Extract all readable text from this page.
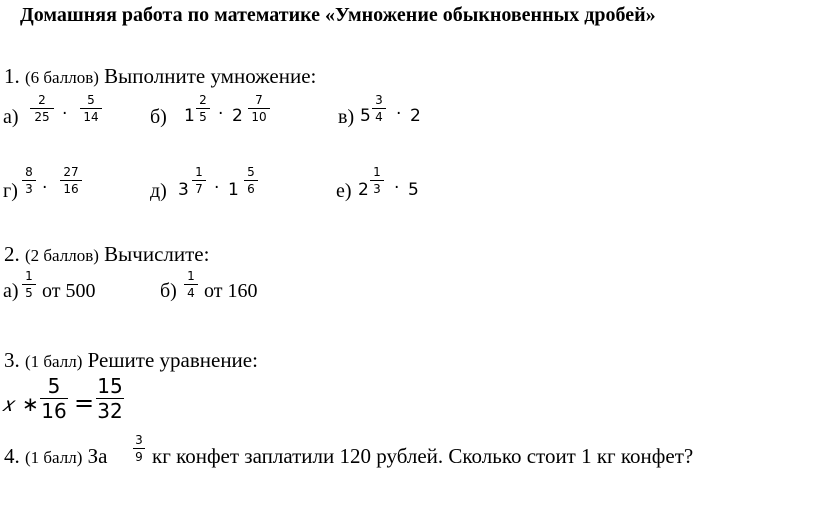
Домашняя работа по математике «Умножение обыкновенных дробей»
1. (6 баллов) Выполните умножение:
а)
2
25 ·
5
14	б) 1
2
5 · 2
7
10	в) 5
3
4 · 2
г)
8
3 ·
27
16	д) 3
1
7 · 1
5
6	е) 2
1
3 · 5
2. (2 баллов) Вычислите:
а)
1
5 от 500	б)
1
4 от 160
3. (1 балл) Решите уравнение:
𝑥 ∗
5
16 =
15
32
4. (1 балл) За
3
9 кг конфет заплатили 120 рублей. Сколько стоит 1 кг конфет?
